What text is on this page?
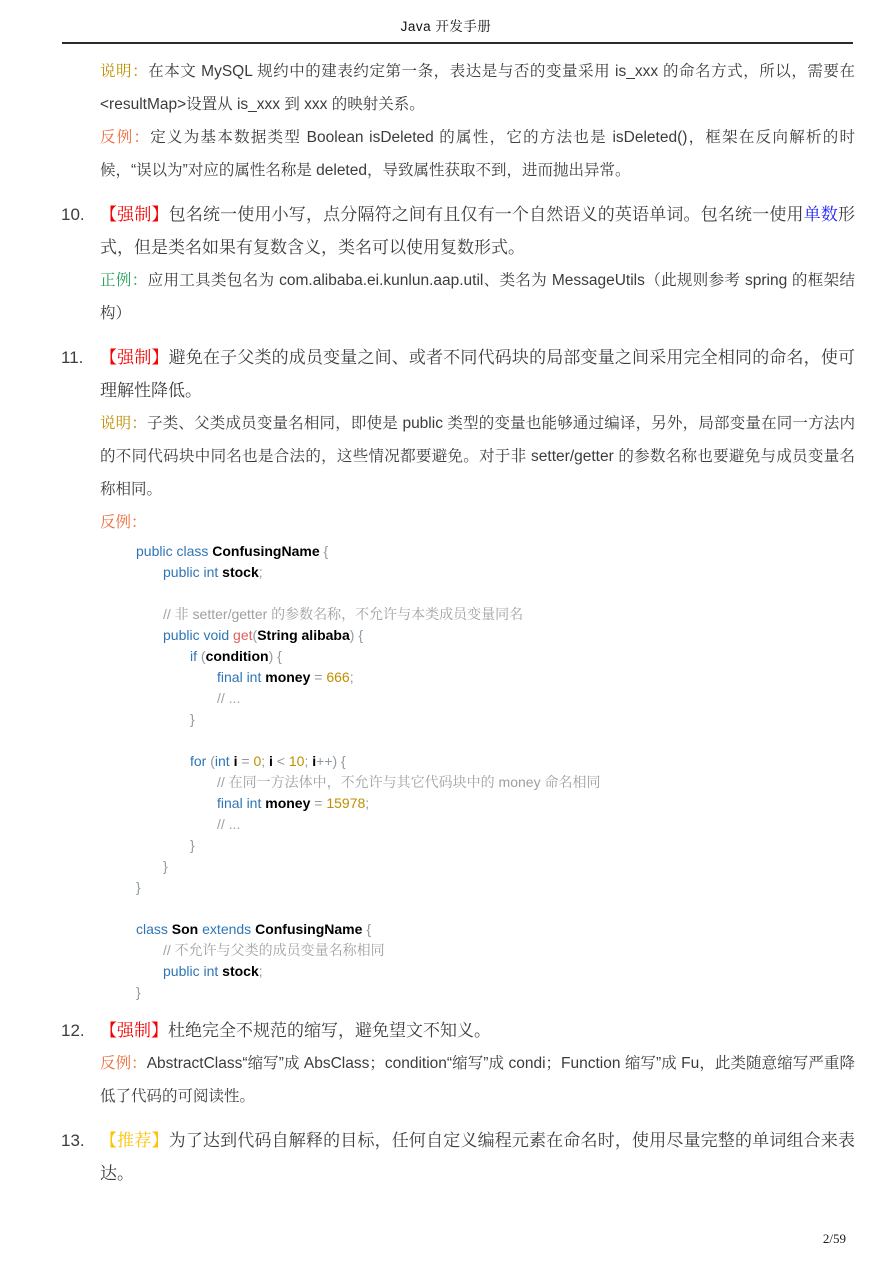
Java 开发手册
说明：在本文 MySQL 规约中的建表约定第一条，表达是与否的变量采用 is_xxx 的命名方式，所以，需要在<resultMap>设置从 is_xxx 到 xxx 的映射关系。
反例：定义为基本数据类型 Boolean isDeleted 的属性，它的方法也是 isDeleted()，框架在反向解析的时候，“误以为”对应的属性名称是 deleted，导致属性获取不到，进而抛出异常。
10. 【强制】包名统一使用小写，点分隔符之间有且仅有一个自然语义的英语单词。包名统一使用单数形式，但是类名如果有复数含义，类名可以使用复数形式。
正例：应用工具类包名为 com.alibaba.ei.kunlun.aap.util、类名为 MessageUtils（此规则参考 spring 的框架结构）
11. 【强制】避免在子父类的成员变量之间、或者不同代码块的局部变量之间采用完全相同的命名，使可理解性降低。
说明：子类、父类成员变量名相同，即使是 public 类型的变量也能够通过编译，另外，局部变量在同一方法内的不同代码块中同名也是合法的，这些情况都要避免。对于非 setter/getter 的参数名称也要避免与成员变量名称相同。
反例：
public class ConfusingName {
public int stock;
// 非 setter/getter 的参数名称，不允许与本类成员变量同名
public void get(String alibaba) {
if (condition) {
final int money = 666;
// ...
}
for (int i = 0; i < 10; i++) {
// 在同一方法体中，不允许与其它代码块中的 money 命名相同
final int money = 15978;
// ...
}
}
}
class Son extends ConfusingName {
// 不允许与父类的成员变量名称相同
public int stock;
}
12. 【强制】杜绝完全不规范的缩写，避免望文不知义。
反例：AbstractClass“缩写”成 AbsClass；condition“缩写”成 condi；Function 缩写”成 Fu，此类随意缩写严重降低了代码的可阅读性。
13. 【推荐】为了达到代码自解释的目标，任何自定义编程元素在命名时，使用尽量完整的单词组合来表达。
2/59
